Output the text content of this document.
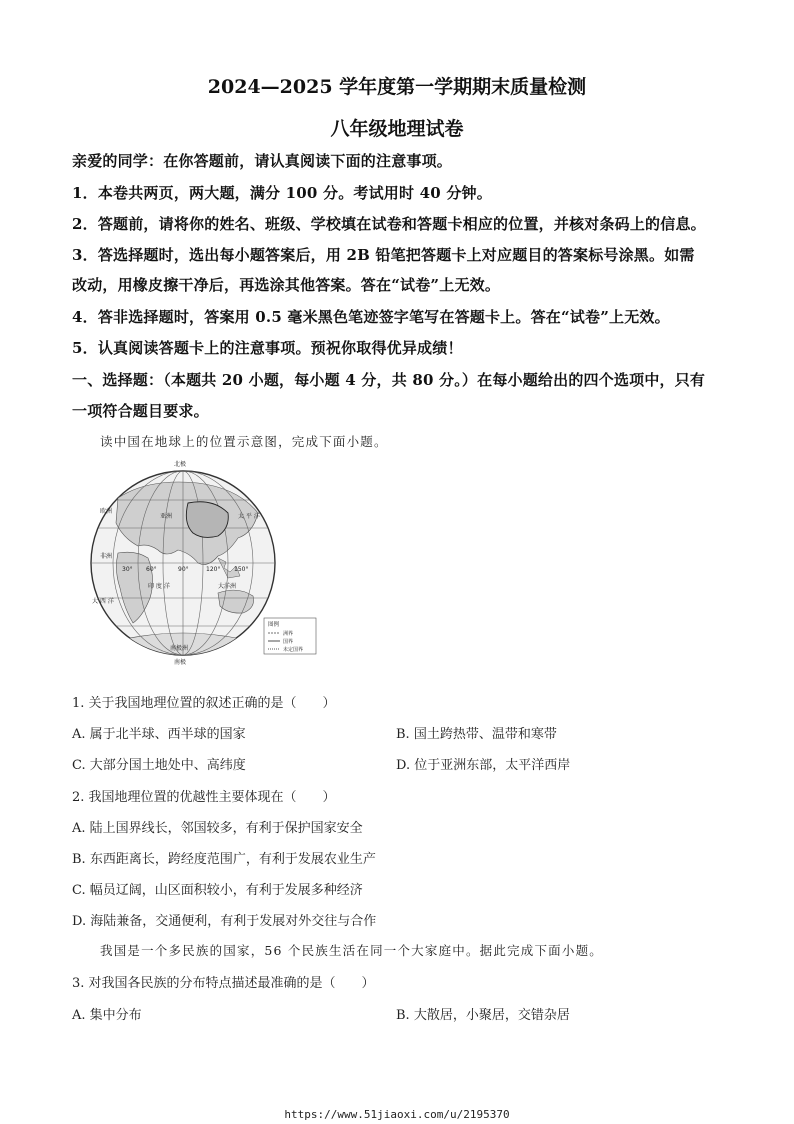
2024—2025 学年度第一学期期末质量检测
八年级地理试卷
亲爱的同学：在你答题前，请认真阅读下面的注意事项。
1．本卷共两页，两大题，满分 100 分。考试用时 40 分钟。
2．答题前，请将你的姓名、班级、学校填在试卷和答题卡相应的位置，并核对条码上的信息。
3．答选择题时，选出每小题答案后，用 2B 铅笔把答题卡上对应题目的答案标号涂黑。如需
改动，用橡皮擦干净后，再选涂其他答案。答在“试卷”上无效。
4．答非选择题时，答案用 0.5 毫米黑色笔迹签字笔写在答题卡上。答在“试卷”上无效。
5．认真阅读答题卡上的注意事项。预祝你取得优异成绩！
一、选择题：（本题共 20 小题，每小题 4 分，共 80 分。）在每小题给出的四个选项中，只有
一项符合题目要求。
读中国在地球上的位置示意图，完成下面小题。
北极
南极
亚洲
欧洲
非洲
大洋洲
南极洲
印 度 洋
太 平 洋
大 西 洋
30° 60°	90°	120° 150°
图例
洲界
国界
未定国界
1. 关于我国地理位置的叙述正确的是（　　）
A. 属于北半球、西半球的国家	B. 国土跨热带、温带和寒带
C. 大部分国土地处中、高纬度	D. 位于亚洲东部，太平洋西岸
2. 我国地理位置的优越性主要体现在（　　）
A. 陆上国界线长，邻国较多，有利于保护国家安全
B. 东西距离长，跨经度范围广，有利于发展农业生产
C. 幅员辽阔，山区面积较小，有利于发展多种经济
D. 海陆兼备，交通便利，有利于发展对外交往与合作
我国是一个多民族的国家，56 个民族生活在同一个大家庭中。据此完成下面小题。
3. 对我国各民族的分布特点描述最准确的是（　　）
A. 集中分布	B. 大散居，小聚居，交错杂居
https://www.51jiaoxi.com/u/2195370
